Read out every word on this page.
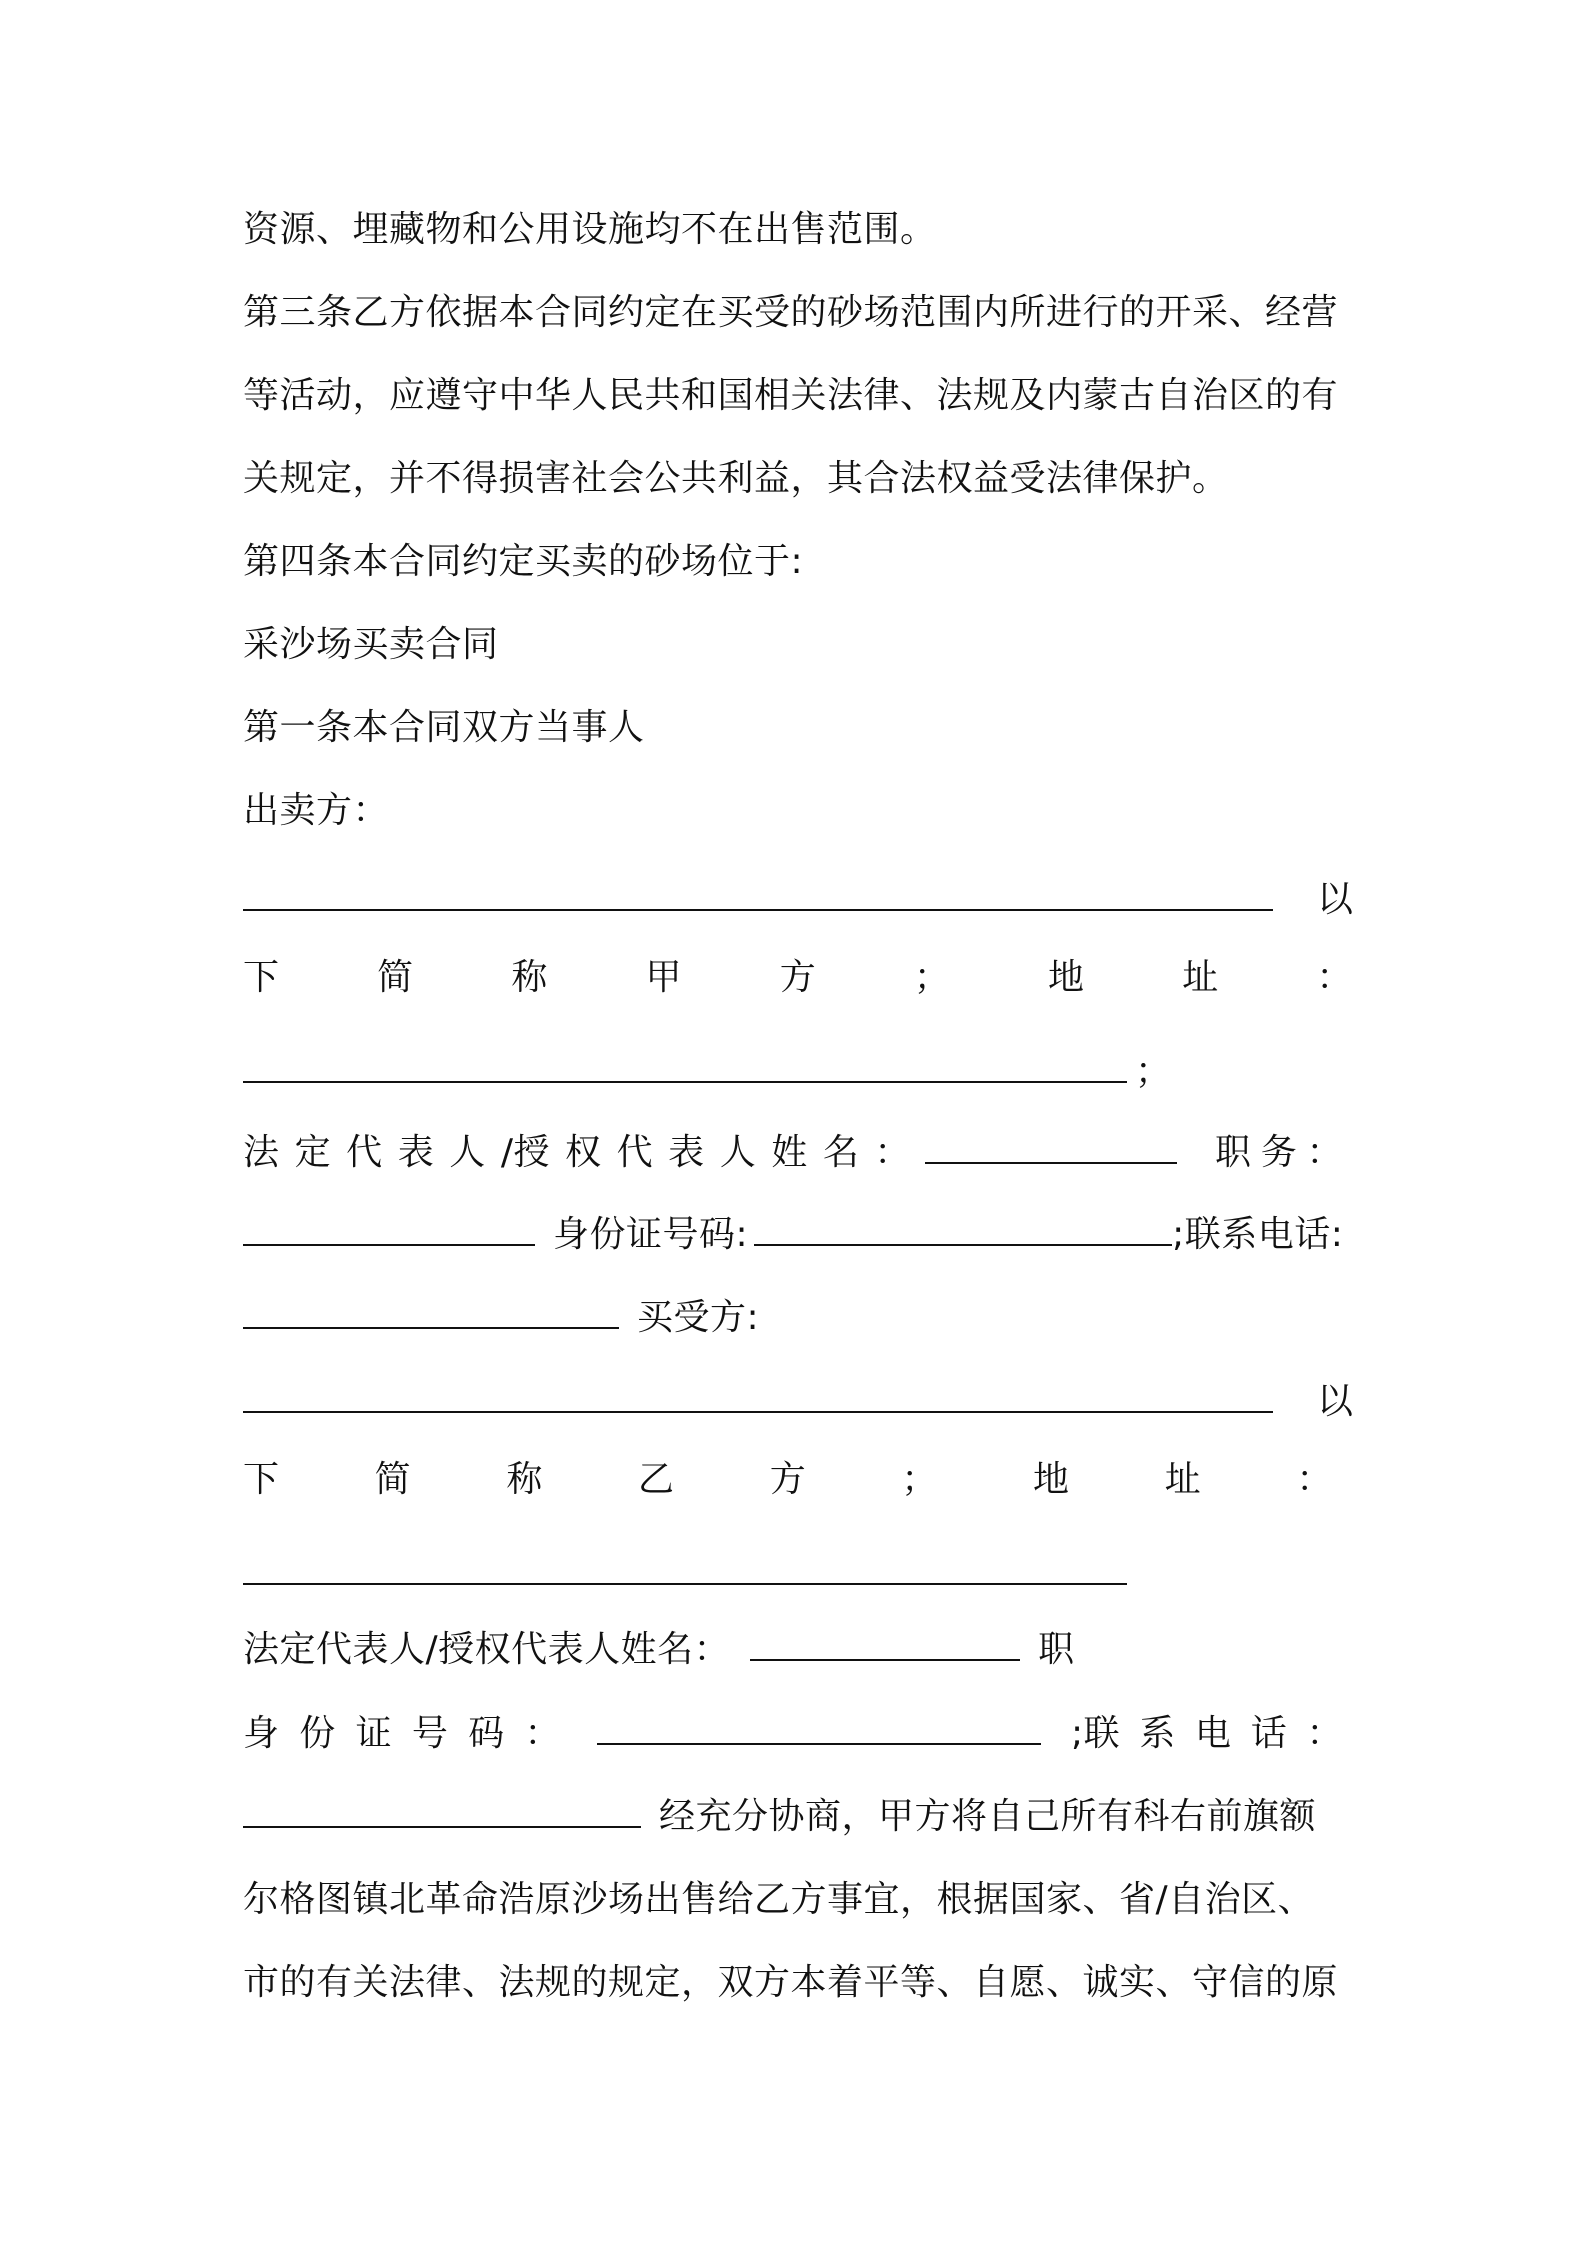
资源、埋藏物和公用设施均不在出售范围。
第三条乙方依据本合同约定在买受的砂场范围内所进行的开采、经营
等活动，应遵守中华人民共和国相关法律、法规及内蒙古自治区的有
关规定，并不得损害社会公共利益，其合法权益受法律保护。
第四条本合同约定买卖的砂场位于:
采沙场买卖合同
第一条本合同双方当事人
出卖方：
以
下	简	称	甲	方	；	地	址	：
；
法 定 代 表 人 /授 权 代 表 人 姓 名 ：	职 务 ：
身份证号码:	;联系电话:
买受方:
以
下	简	称	乙	方	；	地	址	：
法定代表人/授权代表人姓名：	职
身 份 证 号 码 ：	;联 系 电 话 ：
经充分协商，甲方将自己所有科右前旗额
尔格图镇北革命浩原沙场出售给乙方事宜，根据国家、省/自治区、
市的有关法律、法规的规定，双方本着平等、自愿、诚实、守信的原
